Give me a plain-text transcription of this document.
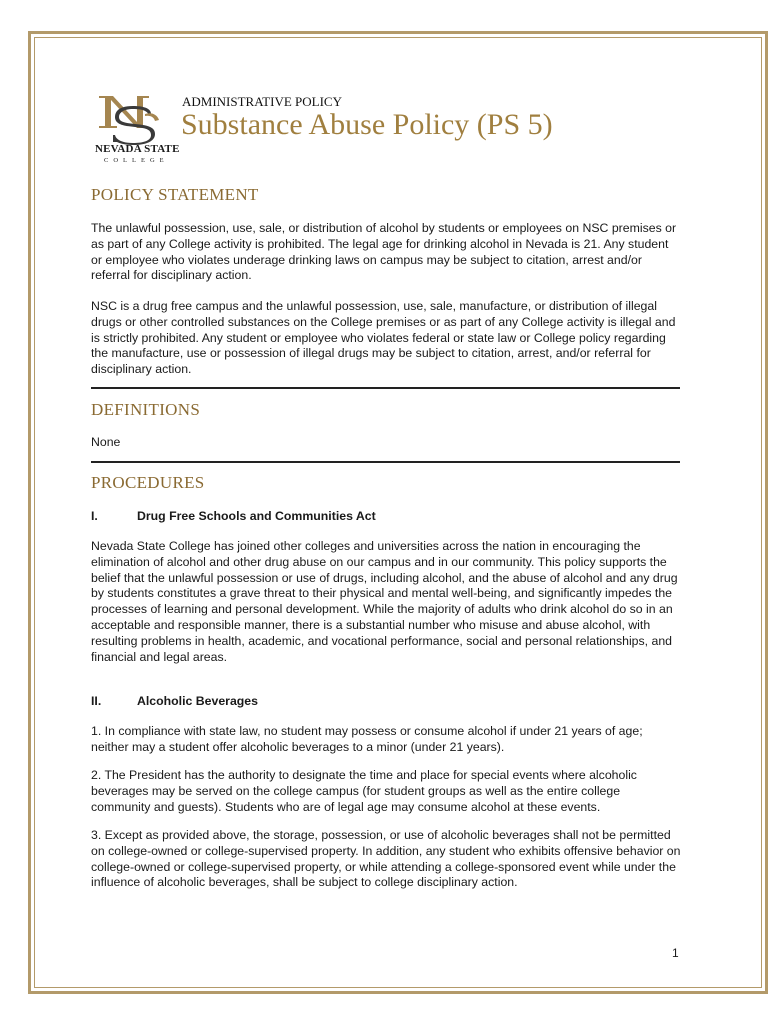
NEVADA STATE
COLLEGE
ADMINISTRATIVE POLICY
Substance Abuse Policy (PS 5)
POLICY STATEMENT
The unlawful possession, use, sale, or distribution of alcohol by students or employees on NSC premises or as part of any College activity is prohibited. The legal age for drinking alcohol in Nevada is 21. Any student or employee who violates underage drinking laws on campus may be subject to citation, arrest and/or referral for disciplinary action.
NSC is a drug free campus and the unlawful possession, use, sale, manufacture, or distribution of illegal drugs or other controlled substances on the College premises or as part of any College activity is illegal and is strictly prohibited. Any student or employee who violates federal or state law or College policy regarding the manufacture, use or possession of illegal drugs may be subject to citation, arrest, and/or referral for disciplinary action.
DEFINITIONS
None
PROCEDURES
I.	Drug Free Schools and Communities Act
Nevada State College has joined other colleges and universities across the nation in encouraging the elimination of alcohol and other drug abuse on our campus and in our community. This policy supports the belief that the unlawful possession or use of drugs, including alcohol, and the abuse of alcohol and any drug by students constitutes a grave threat to their physical and mental well-being, and significantly impedes the processes of learning and personal development. While the majority of adults who drink alcohol do so in an acceptable and responsible manner, there is a substantial number who misuse and abuse alcohol, with resulting problems in health, academic, and vocational performance, social and personal relationships, and financial and legal areas.
II.	Alcoholic Beverages
1. In compliance with state law, no student may possess or consume alcohol if under 21 years of age; neither may a student offer alcoholic beverages to a minor (under 21 years).
2. The President has the authority to designate the time and place for special events where alcoholic beverages may be served on the college campus (for student groups as well as the entire college community and guests). Students who are of legal age may consume alcohol at these events.
3. Except as provided above, the storage, possession, or use of alcoholic beverages shall not be permitted on college-owned or college-supervised property. In addition, any student who exhibits offensive behavior on college-owned or college-supervised property, or while attending a college-sponsored event while under the influence of alcoholic beverages, shall be subject to college disciplinary action.
1
